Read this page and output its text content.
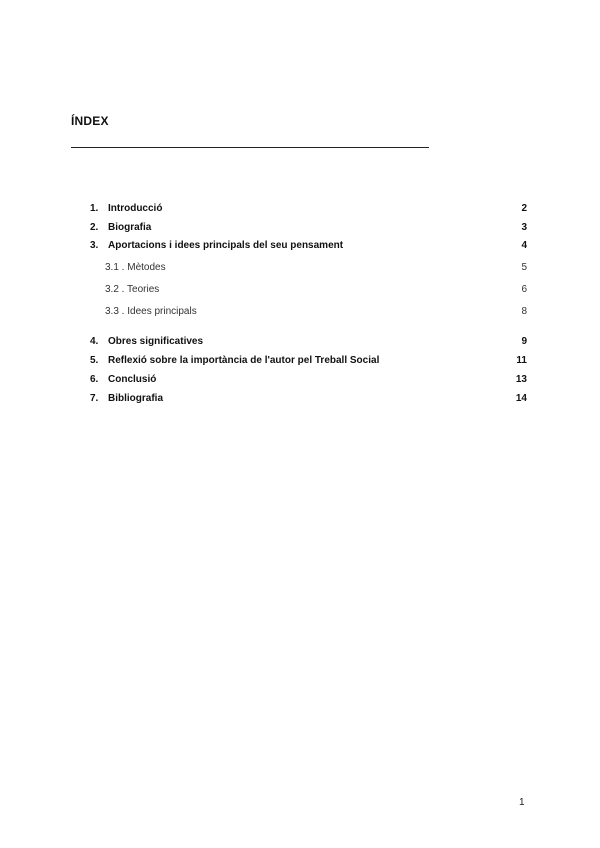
ÍNDEX
1. Introducció	2
2. Biografia	3
3. Aportacions i idees principals del seu pensament	4
3.1 . Mètodes	5
3.2 . Teories	6
3.3 . Idees principals	8
4. Obres significatives	9
5. Reflexió sobre la importància de l'autor pel Treball Social	11
6. Conclusió	13
7. Bibliografia	14
1
